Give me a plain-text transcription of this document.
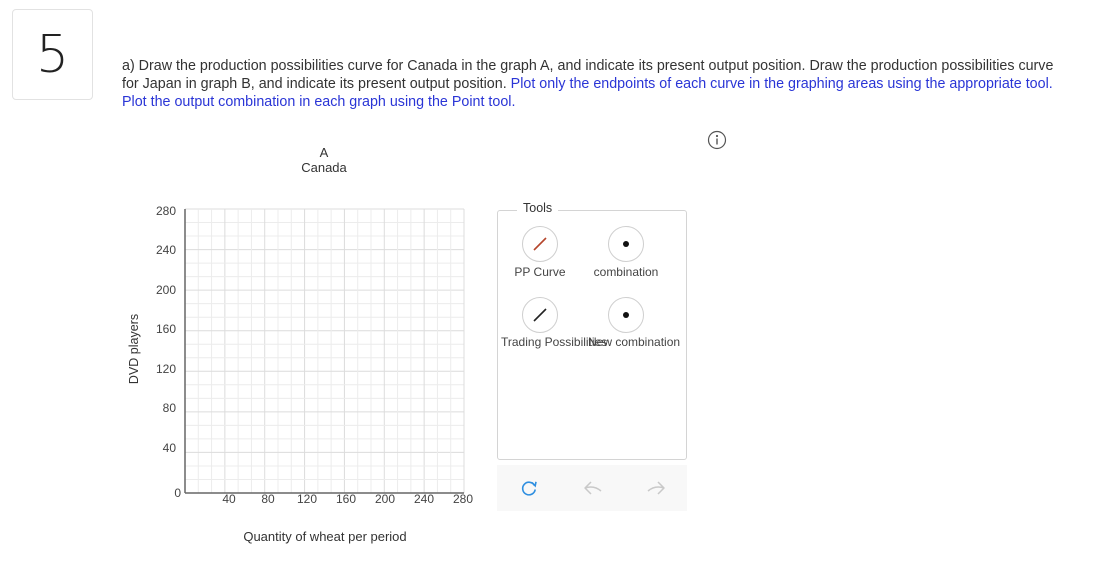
5	a) Draw the production possibilities curve for Canada in the graph A, and indicate its present output position. Draw the production possibilities curve for Japan in graph B, and indicate its present output position. Plot only the endpoints of each curve in the graphing areas using the appropriate tool. Plot the output combination in each graph using the Point tool.
A
Canada
DVD players
280
240
200
160
120
80
40
0	40	80	120	160	200	240	280
Quantity of wheat per period
Tools
PP Curve	combination
Trading Possibilities
New combination
